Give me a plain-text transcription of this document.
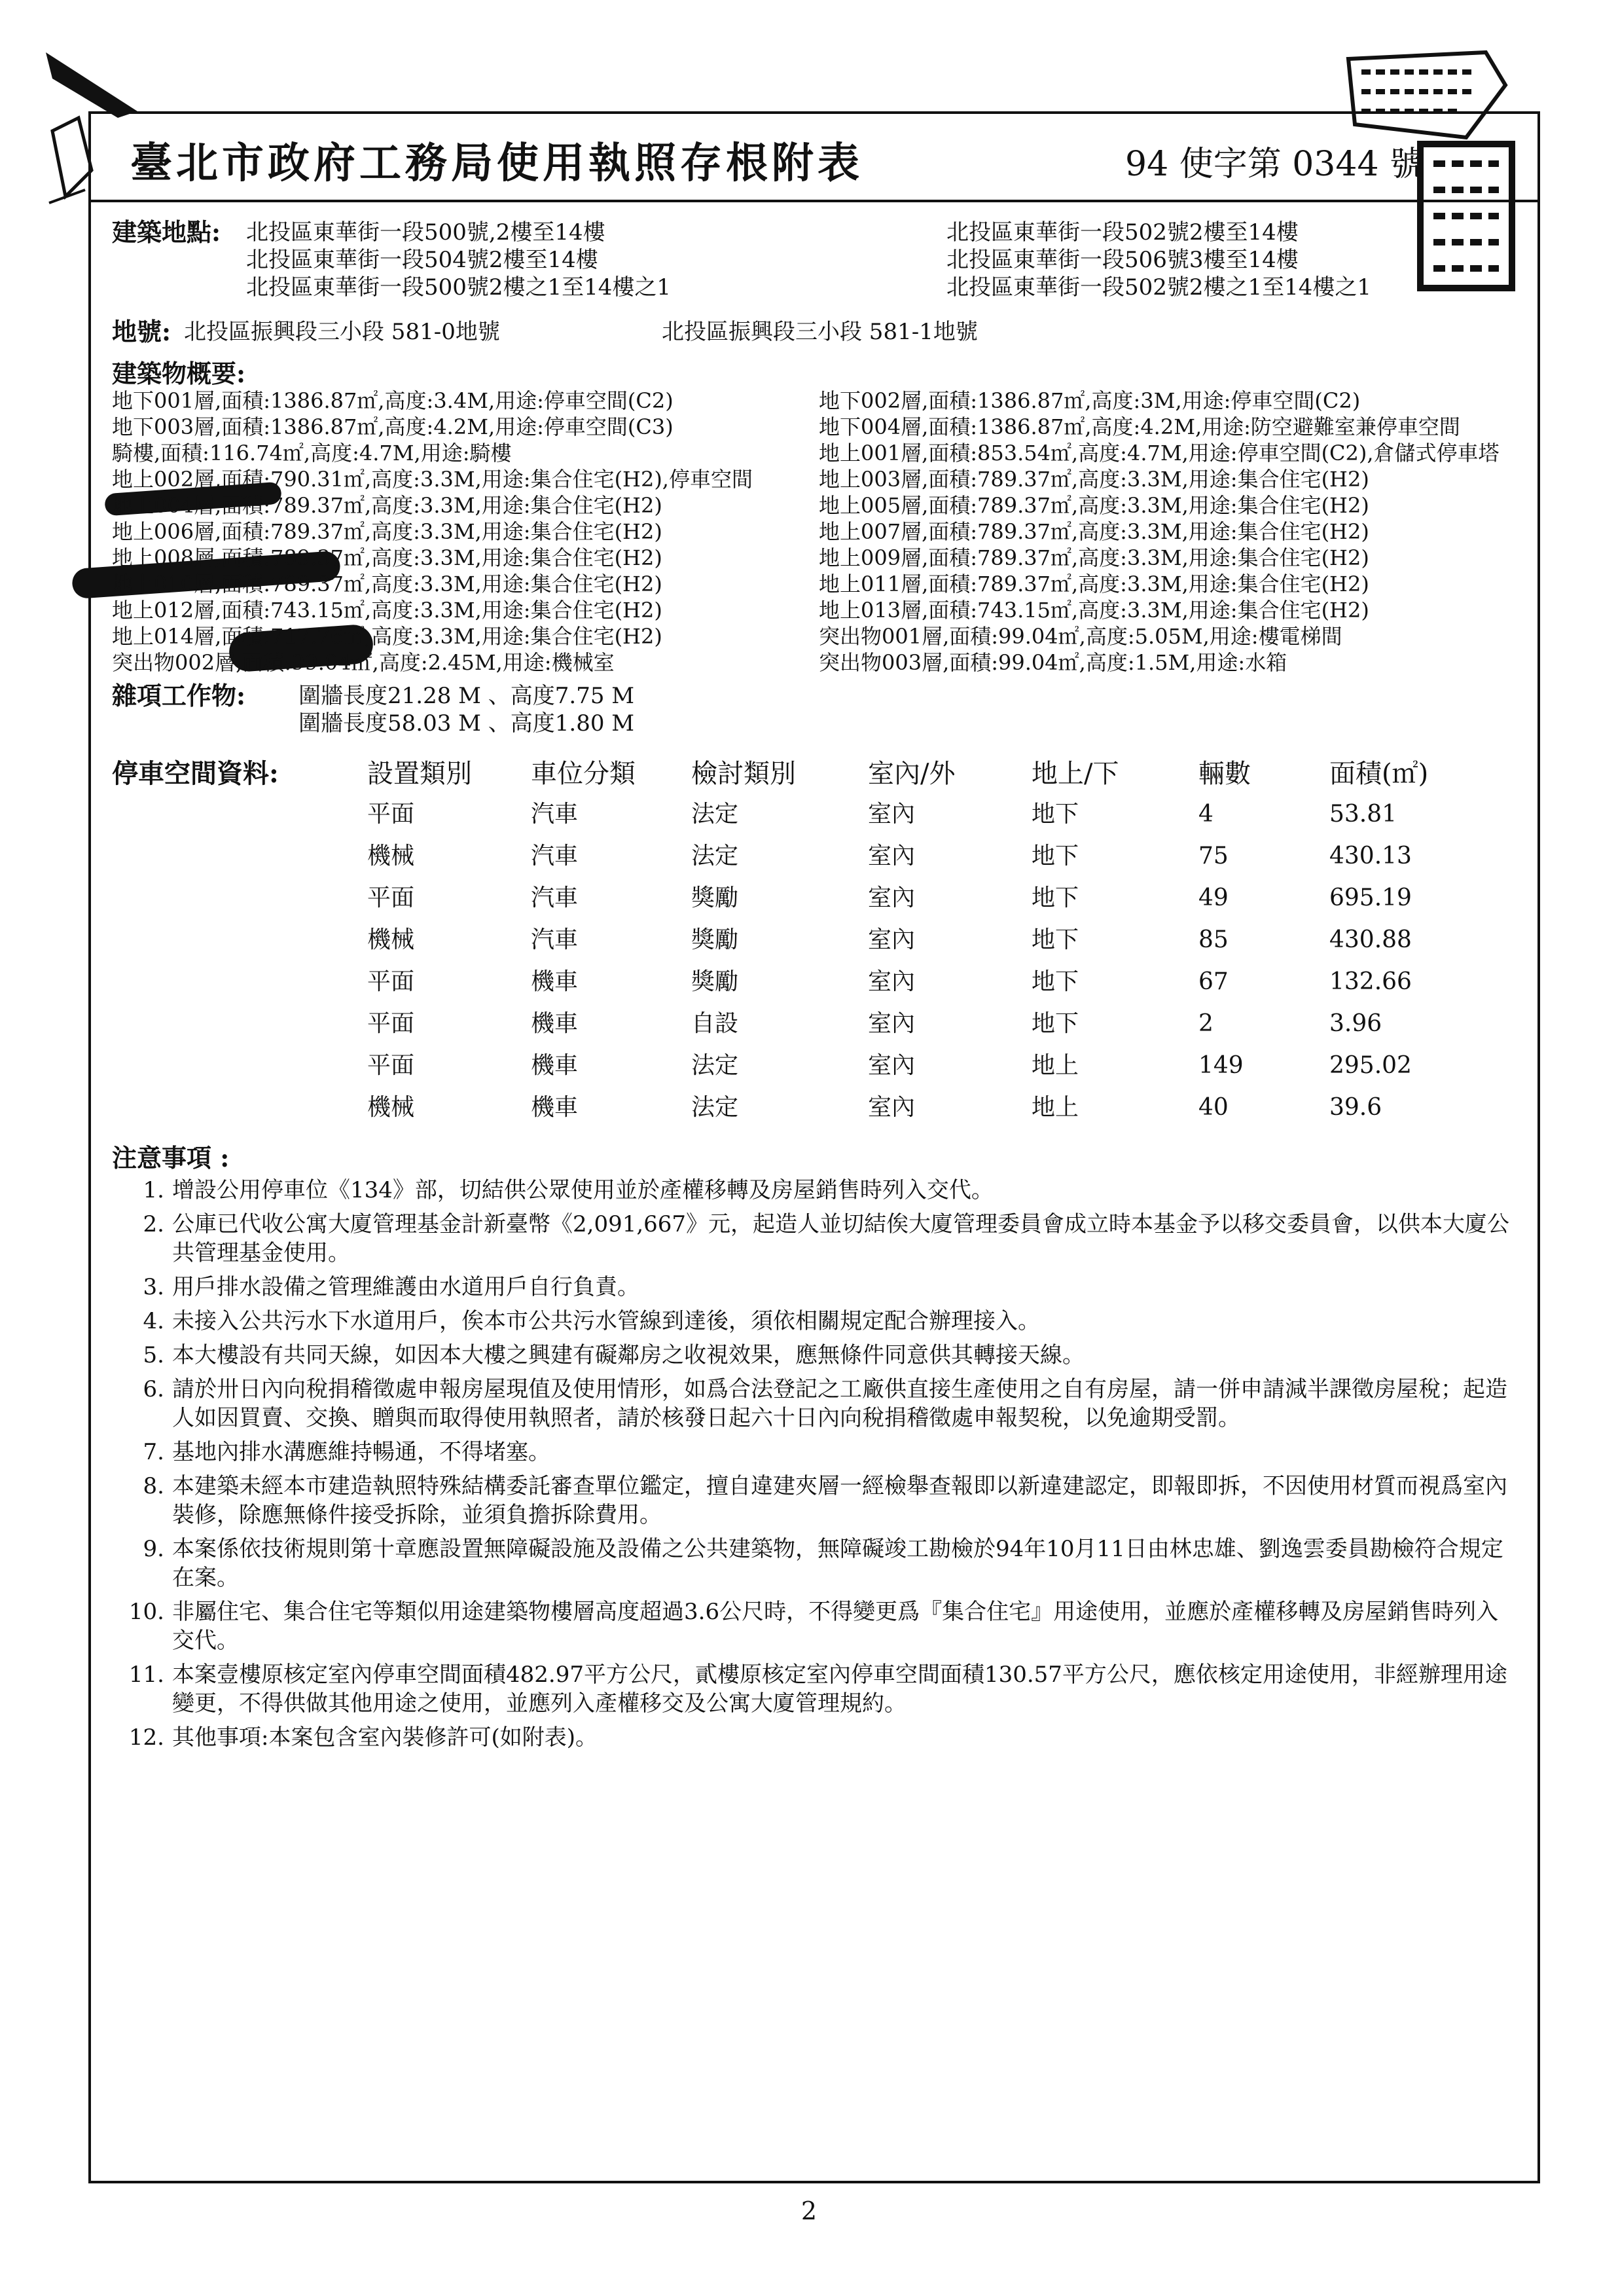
臺北市政府工務局使用執照存根附表	94 使字第 0344 號
建築地點:	北投區東華街一段500號,2樓至14樓	北投區東華街一段502號2樓至14樓
北投區東華街一段504號2樓至14樓	北投區東華街一段506號3樓至14樓
北投區東華街一段500號2樓之1至14樓之1	北投區東華街一段502號2樓之1至14樓之1
地號: 北投區振興段三小段 581-0地號	北投區振興段三小段 581-1地號
建築物概要:
地下001層,面積:1386.87㎡,高度:3.4M,用途:停車空間(C2)	地下002層,面積:1386.87㎡,高度:3M,用途:停車空間(C2)
地下003層,面積:1386.87㎡,高度:4.2M,用途:停車空間(C3)	地下004層,面積:1386.87㎡,高度:4.2M,用途:防空避難室兼停車空間
騎樓,面積:116.74㎡,高度:4.7M,用途:騎樓	地上001層,面積:853.54㎡,高度:4.7M,用途:停車空間(C2),倉儲式停車塔
地上002層,面積:790.31㎡,高度:3.3M,用途:集合住宅(H2),停車空間	地上003層,面積:789.37㎡,高度:3.3M,用途:集合住宅(H2)
地上004層,面積:789.37㎡,高度:3.3M,用途:集合住宅(H2)	地上005層,面積:789.37㎡,高度:3.3M,用途:集合住宅(H2)
地上006層,面積:789.37㎡,高度:3.3M,用途:集合住宅(H2)	地上007層,面積:789.37㎡,高度:3.3M,用途:集合住宅(H2)
地上008層,面積:789.37㎡,高度:3.3M,用途:集合住宅(H2)	地上009層,面積:789.37㎡,高度:3.3M,用途:集合住宅(H2)
地上010層,面積:789.37㎡,高度:3.3M,用途:集合住宅(H2)	地上011層,面積:789.37㎡,高度:3.3M,用途:集合住宅(H2)
地上012層,面積:743.15㎡,高度:3.3M,用途:集合住宅(H2)	地上013層,面積:743.15㎡,高度:3.3M,用途:集合住宅(H2)
地上014層,面積:717.76㎡,高度:3.3M,用途:集合住宅(H2)	突出物001層,面積:99.04㎡,高度:5.05M,用途:樓電梯間
突出物002層,面積:99.04㎡,高度:2.45M,用途:機械室	突出物003層,面積:99.04㎡,高度:1.5M,用途:水箱
雜項工作物:	圍牆長度21.28 M 、高度7.75 M
圍牆長度58.03 M 、高度1.80 M
停車空間資料:	設置類別	車位分類	檢討類別	室內/外	地上/下	輛數	面積(㎡)
平面	汽車	法定	室內	地下	4	53.81
機械	汽車	法定	室內	地下	75	430.13
平面	汽車	獎勵	室內	地下	49	695.19
機械	汽車	獎勵	室內	地下	85	430.88
平面	機車	獎勵	室內	地下	67	132.66
平面	機車	自設	室內	地下	2	3.96
平面	機車	法定	室內	地上	149	295.02
機械	機車	法定	室內	地上	40	39.6
注意事項 :
1. 增設公用停車位《134》部，切結供公眾使用並於產權移轉及房屋銷售時列入交代。
2. 公庫已代收公寓大廈管理基金計新臺幣《2,091,667》元，起造人並切結俟大廈管理委員會成立時本基金予以移交委員會，以供本大廈公共管理基金使用。
3. 用戶排水設備之管理維護由水道用戶自行負責。
4. 未接入公共污水下水道用戶，俟本市公共污水管線到達後，須依相關規定配合辦理接入。
5. 本大樓設有共同天線，如因本大樓之興建有礙鄰房之收視效果，應無條件同意供其轉接天線。
6. 請於卅日內向稅捐稽徵處申報房屋現值及使用情形，如爲合法登記之工廠供直接生產使用之自有房屋，請一併申請減半課徵房屋稅；起造人如因買賣、交換、贈與而取得使用執照者，請於核發日起六十日內向稅捐稽徵處申報契稅，以免逾期受罰。
7. 基地內排水溝應維持暢通，不得堵塞。
8. 本建築未經本市建造執照特殊結構委託審查單位鑑定，擅自違建夾層一經檢舉查報即以新違建認定，即報即拆，不因使用材質而視爲室內裝修，除應無條件接受拆除，並須負擔拆除費用。
9. 本案係依技術規則第十章應設置無障礙設施及設備之公共建築物，無障礙竣工勘檢於94年10月11日由林忠雄、劉逸雲委員勘檢符合規定在案。
10. 非屬住宅、集合住宅等類似用途建築物樓層高度超過3.6公尺時，不得變更爲『集合住宅』用途使用，並應於產權移轉及房屋銷售時列入交代。
11. 本案壹樓原核定室內停車空間面積482.97平方公尺，貳樓原核定室內停車空間面積130.57平方公尺，應依核定用途使用，非經辦理用途變更，不得供做其他用途之使用，並應列入產權移交及公寓大廈管理規約。
12. 其他事項:本案包含室內裝修許可(如附表)。
2
